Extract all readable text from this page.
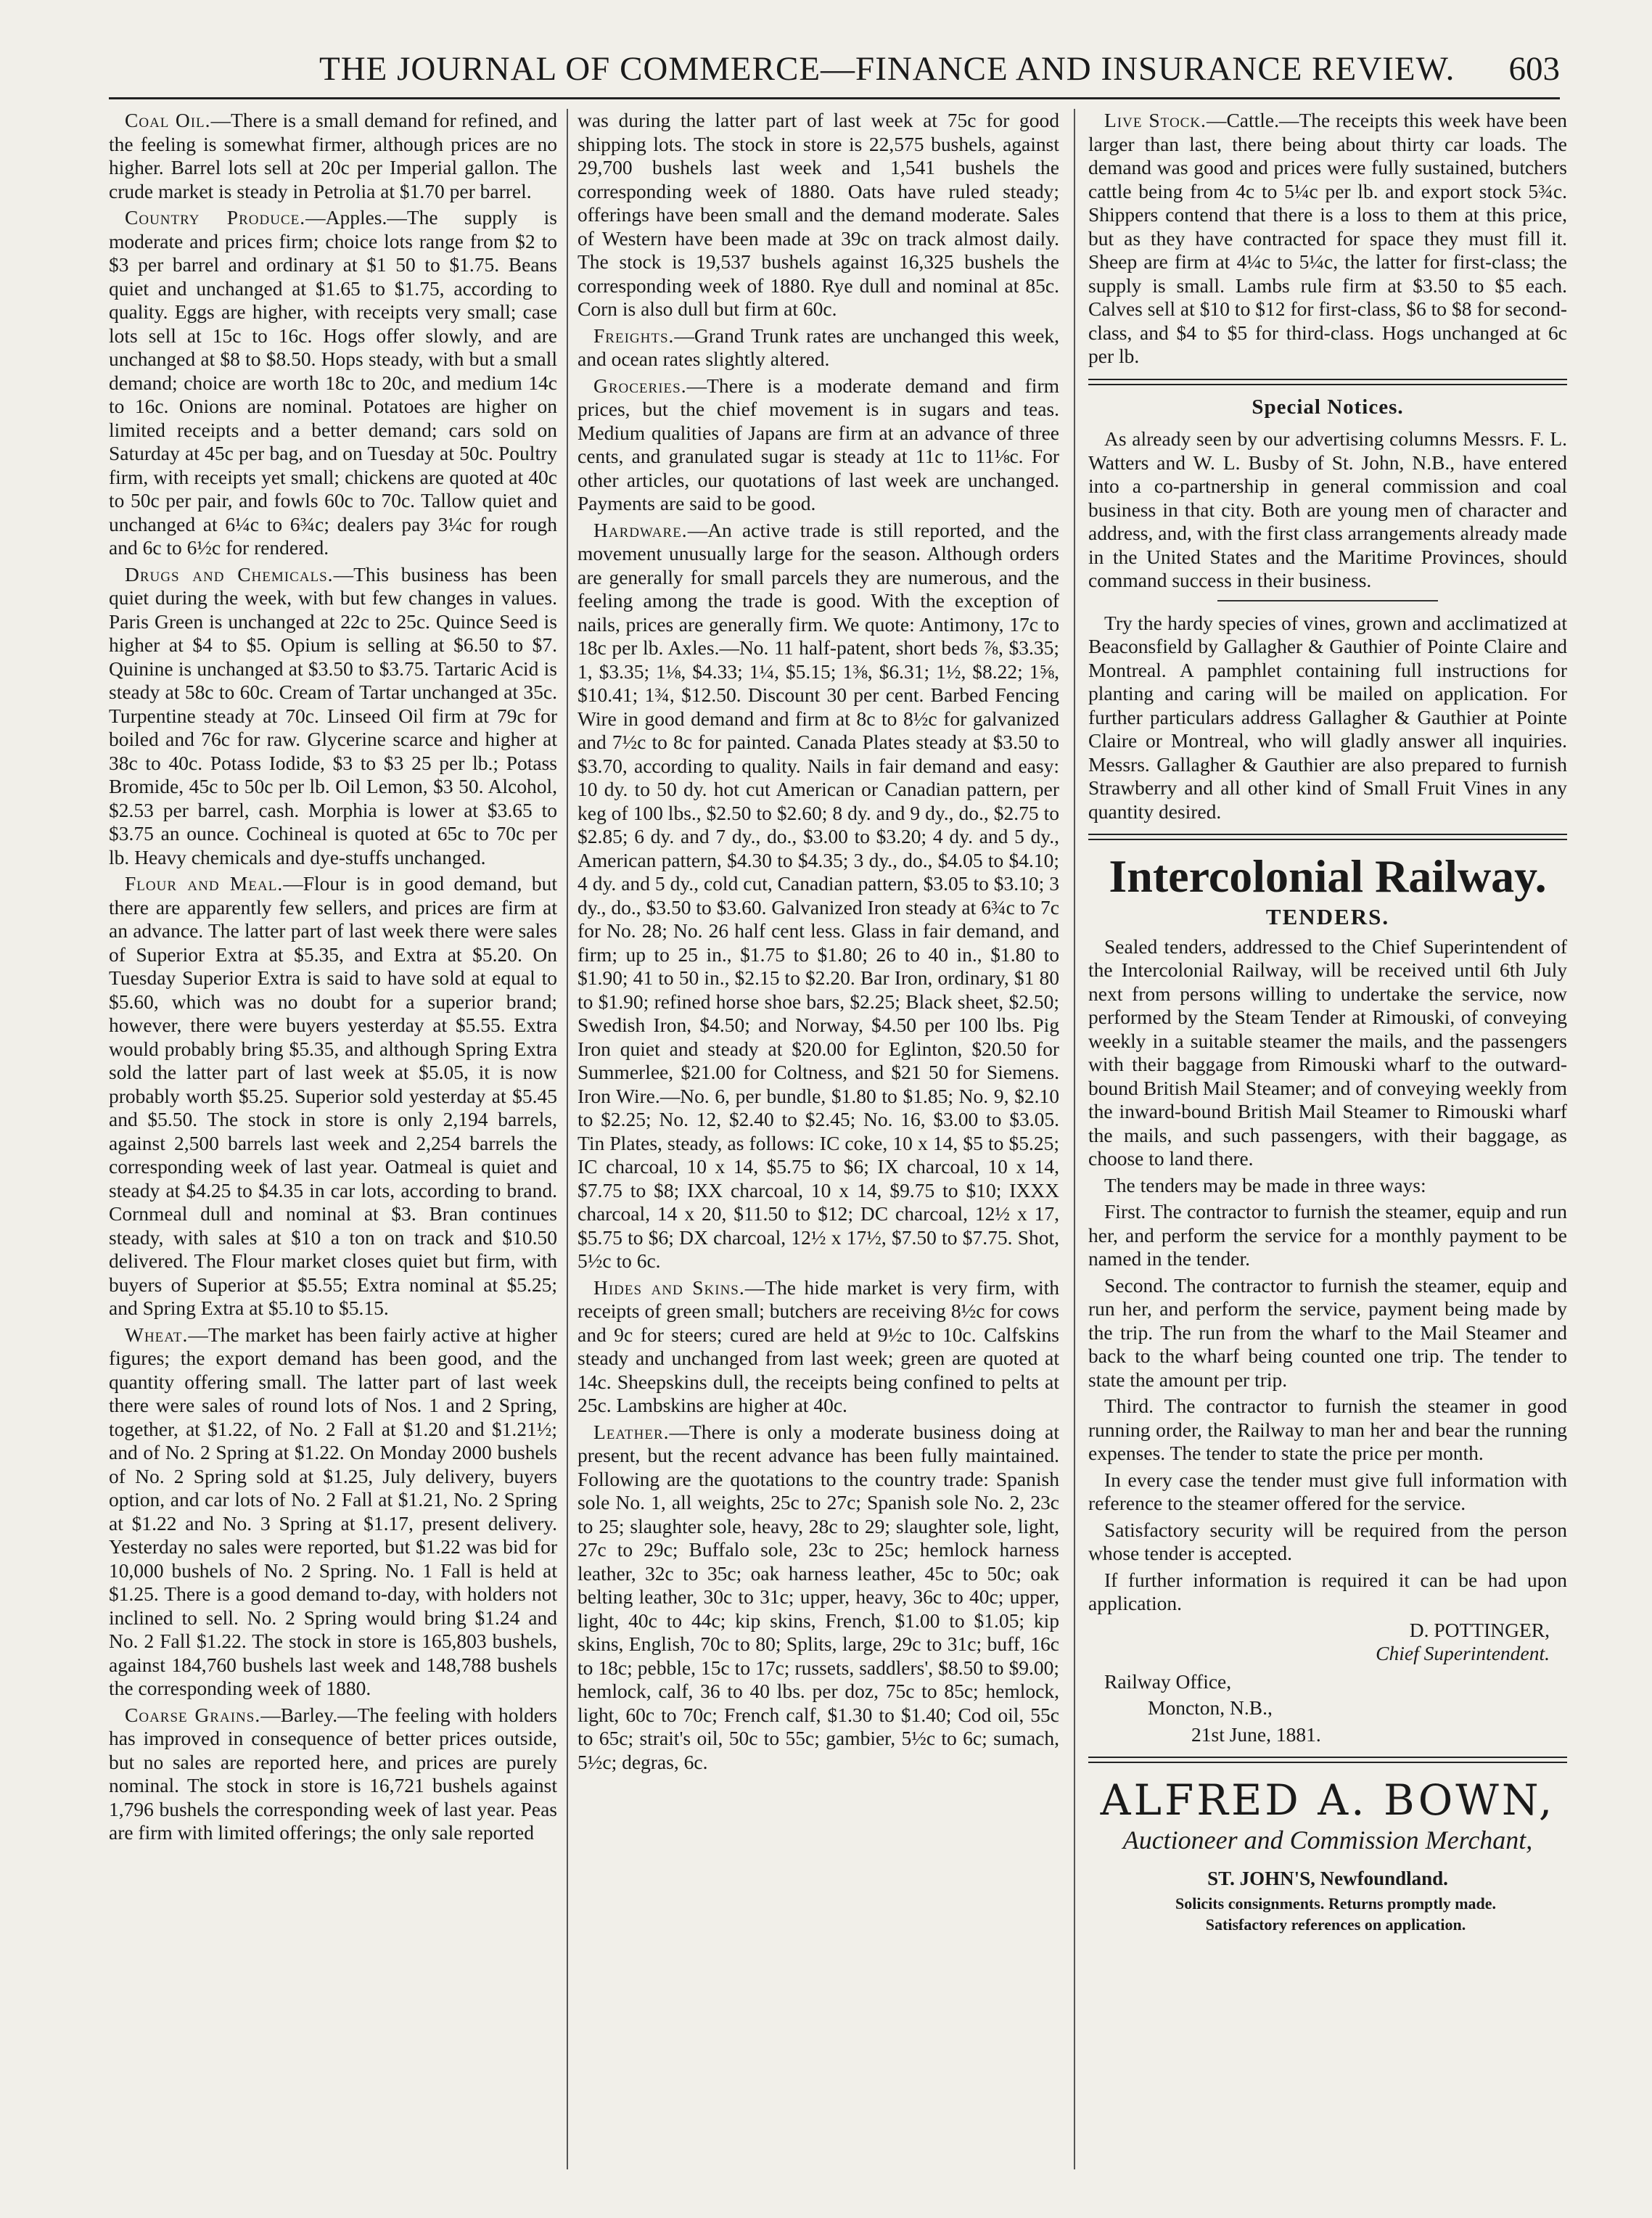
THE JOURNAL OF COMMERCE—FINANCE AND INSURANCE REVIEW. 603

Coal Oil.—There is a small demand for refined, and the feeling is somewhat firmer, although prices are no higher. Barrel lots sell at 20c per Imperial gallon. The crude market is steady in Petrolia at $1.70 per barrel.

Country Produce.—Apples.—The supply is moderate and prices firm; choice lots range from $2 to $3 per barrel and ordinary at $1 50 to $1.75. Beans quiet and unchanged at $1.65 to $1.75, according to quality. Eggs are higher, with receipts very small; case lots sell at 15c to 16c. Hogs offer slowly, and are unchanged at $8 to $8.50. Hops steady, with but a small demand; choice are worth 18c to 20c, and medium 14c to 16c. Onions are nominal. Potatoes are higher on limited receipts and a better demand; cars sold on Saturday at 45c per bag, and on Tuesday at 50c. Poultry firm, with receipts yet small; chickens are quoted at 40c to 50c per pair, and fowls 60c to 70c. Tallow quiet and unchanged at 6¼c to 6¾c; dealers pay 3¼c for rough and 6c to 6½c for rendered.

Drugs and Chemicals.—This business has been quiet during the week, with but few changes in values. Paris Green is unchanged at 22c to 25c. Quince Seed is higher at $4 to $5. Opium is selling at $6.50 to $7. Quinine is unchanged at $3.50 to $3.75. Tartaric Acid is steady at 58c to 60c. Cream of Tartar unchanged at 35c. Turpentine steady at 70c. Linseed Oil firm at 79c for boiled and 76c for raw. Glycerine scarce and higher at 38c to 40c. Potass Iodide, $3 to $3 25 per lb.; Potass Bromide, 45c to 50c per lb. Oil Lemon, $3 50. Alcohol, $2.53 per barrel, cash. Morphia is lower at $3.65 to $3.75 an ounce. Cochineal is quoted at 65c to 70c per lb. Heavy chemicals and dye-stuffs unchanged.

Flour and Meal.—Flour is in good demand, but there are apparently few sellers, and prices are firm at an advance. The latter part of last week there were sales of Superior Extra at $5.35, and Extra at $5.20. On Tuesday Superior Extra is said to have sold at equal to $5.60, which was no doubt for a superior brand; however, there were buyers yesterday at $5.55. Extra would probably bring $5.35, and although Spring Extra sold the latter part of last week at $5.05, it is now probably worth $5.25. Superior sold yesterday at $5.45 and $5.50. The stock in store is only 2,194 barrels, against 2,500 barrels last week and 2,254 barrels the corresponding week of last year. Oatmeal is quiet and steady at $4.25 to $4.35 in car lots, according to brand. Cornmeal dull and nominal at $3. Bran continues steady, with sales at $10 a ton on track and $10.50 delivered. The Flour market closes quiet but firm, with buyers of Superior at $5.55; Extra nominal at $5.25; and Spring Extra at $5.10 to $5.15.

Wheat.—The market has been fairly active at higher figures; the export demand has been good, and the quantity offering small. The latter part of last week there were sales of round lots of Nos. 1 and 2 Spring, together, at $1.22, of No. 2 Fall at $1.20 and $1.21½; and of No. 2 Spring at $1.22. On Monday 2000 bushels of No. 2 Spring sold at $1.25, July delivery, buyers option, and car lots of No. 2 Fall at $1.21, No. 2 Spring at $1.22 and No. 3 Spring at $1.17, present delivery. Yesterday no sales were reported, but $1.22 was bid for 10,000 bushels of No. 2 Spring. No. 1 Fall is held at $1.25. There is a good demand to-day, with holders not inclined to sell. No. 2 Spring would bring $1.24 and No. 2 Fall $1.22. The stock in store is 165,803 bushels, against 184,760 bushels last week and 148,788 bushels the corresponding week of 1880.

Coarse Grains.—Barley.—The feeling with holders has improved in consequence of better prices outside, but no sales are reported here, and prices are purely nominal. The stock in store is 16,721 bushels against 1,796 bushels the corresponding week of last year. Peas are firm with limited offerings; the only sale reported

was during the latter part of last week at 75c for good shipping lots. The stock in store is 22,575 bushels, against 29,700 bushels last week and 1,541 bushels the corresponding week of 1880. Oats have ruled steady; offerings have been small and the demand moderate. Sales of Western have been made at 39c on track almost daily. The stock is 19,537 bushels against 16,325 bushels the corresponding week of 1880. Rye dull and nominal at 85c. Corn is also dull but firm at 60c.

Freights.—Grand Trunk rates are unchanged this week, and ocean rates slightly altered.

Groceries.—There is a moderate demand and firm prices, but the chief movement is in sugars and teas. Medium qualities of Japans are firm at an advance of three cents, and granulated sugar is steady at 11c to 11⅛c. For other articles, our quotations of last week are unchanged. Payments are said to be good.

Hardware.—An active trade is still reported, and the movement unusually large for the season. Although orders are generally for small parcels they are numerous, and the feeling among the trade is good. With the exception of nails, prices are generally firm. We quote: Antimony, 17c to 18c per lb. Axles.—No. 11 half-patent, short beds ⅞, $3.35; 1, $3.35; 1⅛, $4.33; 1¼, $5.15; 1⅜, $6.31; 1½, $8.22; 1⅝, $10.41; 1¾, $12.50. Discount 30 per cent. Barbed Fencing Wire in good demand and firm at 8c to 8½c for galvanized and 7½c to 8c for painted. Canada Plates steady at $3.50 to $3.70, according to quality. Nails in fair demand and easy: 10 dy. to 50 dy. hot cut American or Canadian pattern, per keg of 100 lbs., $2.50 to $2.60; 8 dy. and 9 dy., do., $2.75 to $2.85; 6 dy. and 7 dy., do., $3.00 to $3.20; 4 dy. and 5 dy., American pattern, $4.30 to $4.35; 3 dy., do., $4.05 to $4.10; 4 dy. and 5 dy., cold cut, Canadian pattern, $3.05 to $3.10; 3 dy., do., $3.50 to $3.60. Galvanized Iron steady at 6¾c to 7c for No. 28; No. 26 half cent less. Glass in fair demand, and firm; up to 25 in., $1.75 to $1.80; 26 to 40 in., $1.80 to $1.90; 41 to 50 in., $2.15 to $2.20. Bar Iron, ordinary, $1 80 to $1.90; refined horse shoe bars, $2.25; Black sheet, $2.50; Swedish Iron, $4.50; and Norway, $4.50 per 100 lbs. Pig Iron quiet and steady at $20.00 for Eglinton, $20.50 for Summerlee, $21.00 for Coltness, and $21 50 for Siemens. Iron Wire.—No. 6, per bundle, $1.80 to $1.85; No. 9, $2.10 to $2.25; No. 12, $2.40 to $2.45; No. 16, $3.00 to $3.05. Tin Plates, steady, as follows: IC coke, 10 x 14, $5 to $5.25; IC charcoal, 10 x 14, $5.75 to $6; IX charcoal, 10 x 14, $7.75 to $8; IXX charcoal, 10 x 14, $9.75 to $10; IXXX charcoal, 14 x 20, $11.50 to $12; DC charcoal, 12½ x 17, $5.75 to $6; DX charcoal, 12½ x 17½, $7.50 to $7.75. Shot, 5½c to 6c.

Hides and Skins.—The hide market is very firm, with receipts of green small; butchers are receiving 8½c for cows and 9c for steers; cured are held at 9½c to 10c. Calfskins steady and unchanged from last week; green are quoted at 14c. Sheepskins dull, the receipts being confined to pelts at 25c. Lambskins are higher at 40c.

Leather.—There is only a moderate business doing at present, but the recent advance has been fully maintained. Following are the quotations to the country trade: Spanish sole No. 1, all weights, 25c to 27c; Spanish sole No. 2, 23c to 25; slaughter sole, heavy, 28c to 29; slaughter sole, light, 27c to 29c; Buffalo sole, 23c to 25c; hemlock harness leather, 32c to 35c; oak harness leather, 45c to 50c; oak belting leather, 30c to 31c; upper, heavy, 36c to 40c; upper, light, 40c to 44c; kip skins, French, $1.00 to $1.05; kip skins, English, 70c to 80; Splits, large, 29c to 31c; buff, 16c to 18c; pebble, 15c to 17c; russets, saddlers', $8.50 to $9.00; hemlock, calf, 36 to 40 lbs. per doz, 75c to 85c; hemlock, light, 60c to 70c; French calf, $1.30 to $1.40; Cod oil, 55c to 65c; strait's oil, 50c to 55c; gambier, 5½c to 6c; sumach, 5½c; degras, 6c.

Live Stock.—Cattle.—The receipts this week have been larger than last, there being about thirty car loads. The demand was good and prices were fully sustained, butchers cattle being from 4c to 5¼c per lb. and export stock 5¾c. Shippers contend that there is a loss to them at this price, but as they have contracted for space they must fill it. Sheep are firm at 4¼c to 5¼c, the latter for first-class; the supply is small. Lambs rule firm at $3.50 to $5 each. Calves sell at $10 to $12 for first-class, $6 to $8 for second-class, and $4 to $5 for third-class. Hogs unchanged at 6c per lb.

Special Notices.

As already seen by our advertising columns Messrs. F. L. Watters and W. L. Busby of St. John, N.B., have entered into a co-partnership in general commission and coal business in that city. Both are young men of character and address, and, with the first class arrangements already made in the United States and the Maritime Provinces, should command success in their business.

Try the hardy species of vines, grown and acclimatized at Beaconsfield by Gallagher & Gauthier of Pointe Claire and Montreal. A pamphlet containing full instructions for planting and caring will be mailed on application. For further particulars address Gallagher & Gauthier at Pointe Claire or Montreal, who will gladly answer all inquiries. Messrs. Gallagher & Gauthier are also prepared to furnish Strawberry and all other kind of Small Fruit Vines in any quantity desired.

Intercolonial Railway.
TENDERS.

Sealed tenders, addressed to the Chief Superintendent of the Intercolonial Railway, will be received until 6th July next from persons willing to undertake the service, now performed by the Steam Tender at Rimouski, of conveying weekly in a suitable steamer the mails, and the passengers with their baggage from Rimouski wharf to the outward-bound British Mail Steamer; and of conveying weekly from the inward-bound British Mail Steamer to Rimouski wharf the mails, and such passengers, with their baggage, as choose to land there.

The tenders may be made in three ways:

First. The contractor to furnish the steamer, equip and run her, and perform the service for a monthly payment to be named in the tender.

Second. The contractor to furnish the steamer, equip and run her, and perform the service, payment being made by the trip. The run from the wharf to the Mail Steamer and back to the wharf being counted one trip. The tender to state the amount per trip.

Third. The contractor to furnish the steamer in good running order, the Railway to man her and bear the running expenses. The tender to state the price per month.

In every case the tender must give full information with reference to the steamer offered for the service.

Satisfactory security will be required from the person whose tender is accepted.

If further information is required it can be had upon application.

D. POTTINGER,
Chief Superintendent.

Railway Office,

Moncton, N.B.,

21st June, 1881.

ALFRED A. BOWN,
Auctioneer and Commission Merchant,
ST. JOHN'S, Newfoundland.

Solicits consignments. Returns promptly made.

Satisfactory references on application.
